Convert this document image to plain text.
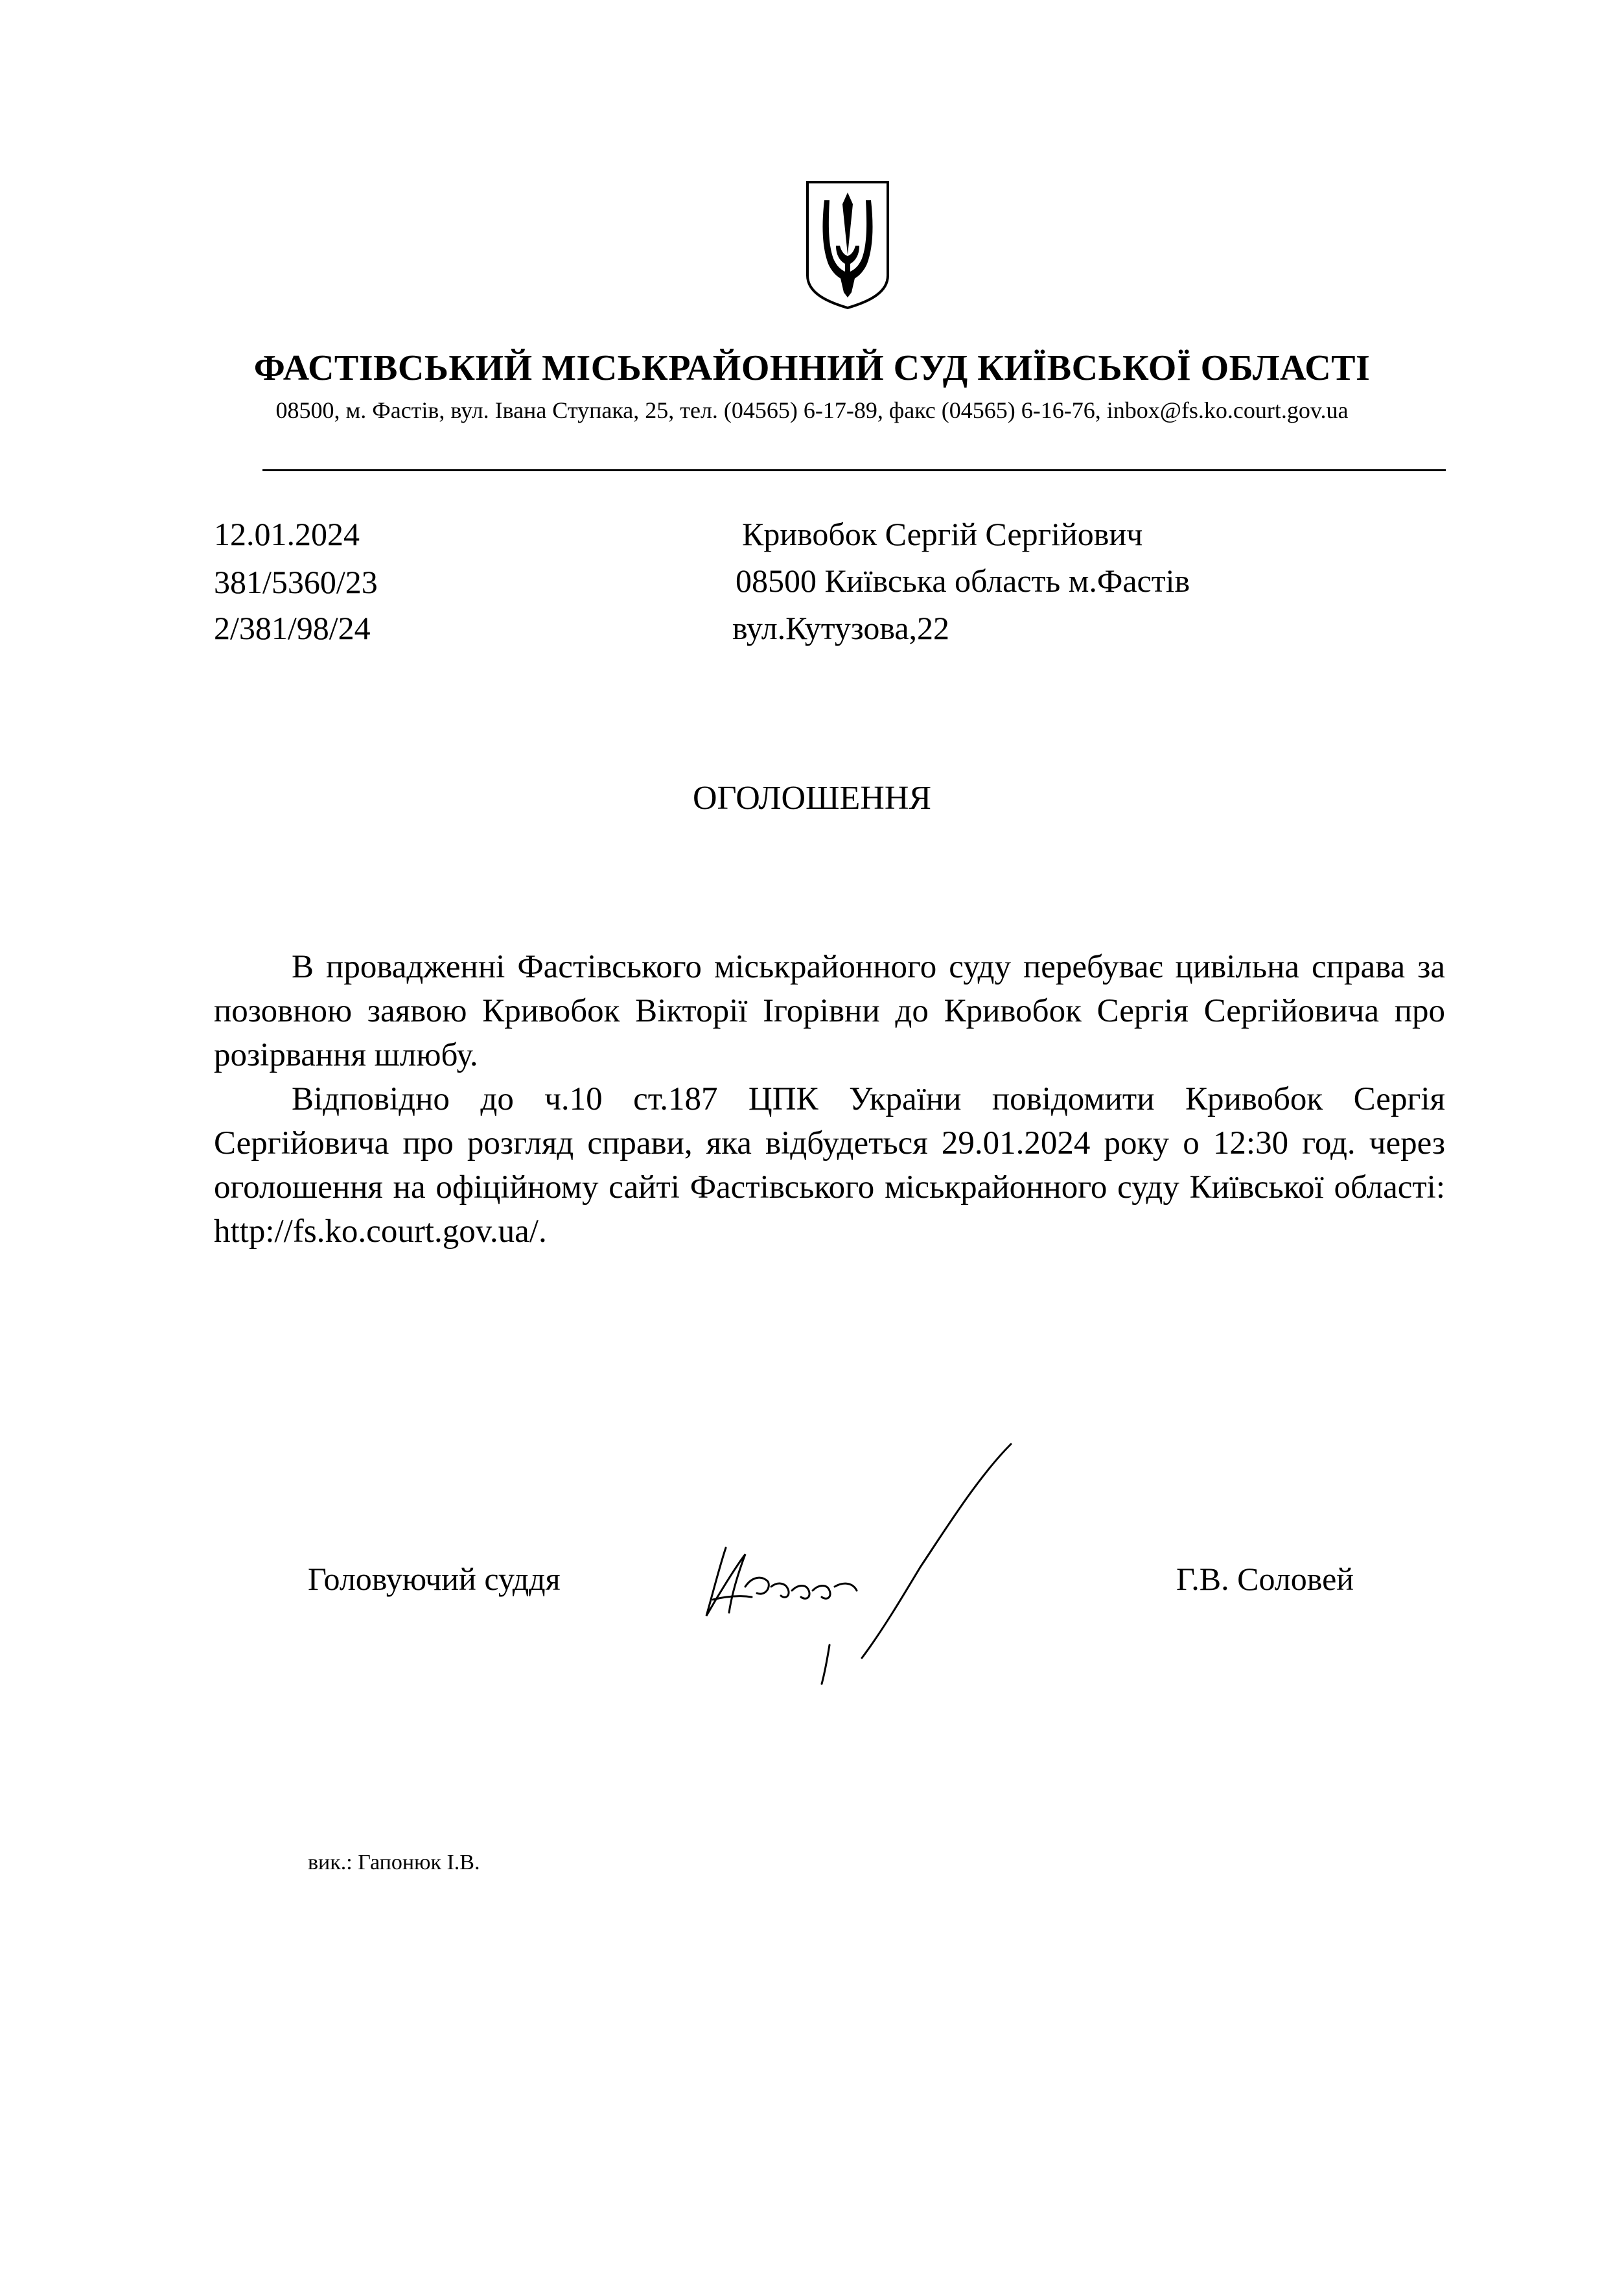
ФАСТІВСЬКИЙ МІСЬКРАЙОННИЙ СУД КИЇВСЬКОЇ ОБЛАСТІ
08500, м. Фастів, вул. Івана Ступака, 25, тел. (04565) 6-17-89, факс (04565) 6-16-76, inbox@fs.ko.court.gov.ua
12.01.2024
381/5360/23
2/381/98/24
Кривобок Сергій Сергійович
08500 Київська область м.Фастів
вул.Кутузова,22
ОГОЛОШЕННЯ

В провадженні Фастівського міськрайонного суду перебуває цивільна справа за позовною заявою Кривобок Вікторії Ігорівни до Кривобок Сергія Сергійовича про розірвання шлюбу.

Відповідно до ч.10 ст.187 ЦПК України повідомити Кривобок Сергія Сергійовича про розгляд справи, яка відбудеться 29.01.2024 року о 12:30 год. через оголошення на офіційному сайті Фастівського міськрайонного суду Київської області: http://fs.ko.court.gov.ua/.

Головуючий суддя	Г.В. Соловей
вик.: Гапонюк І.В.
